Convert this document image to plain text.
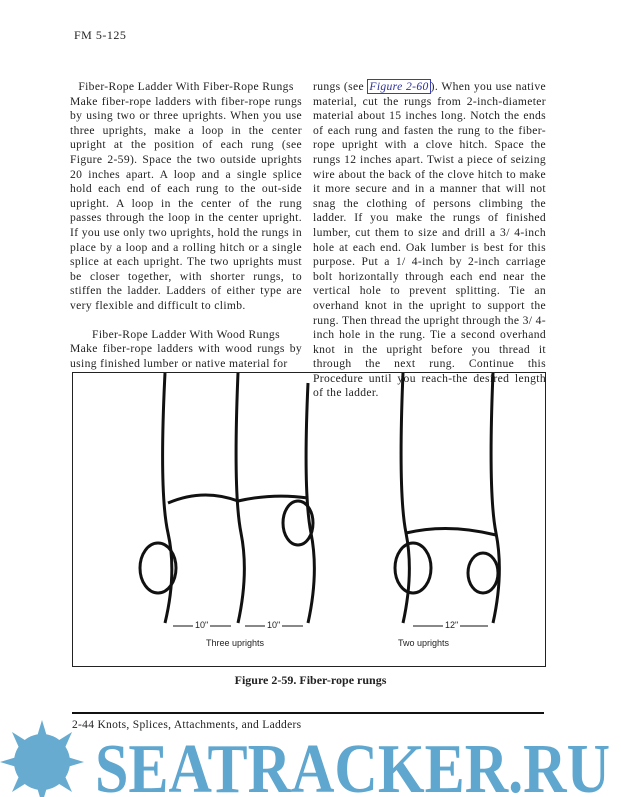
FM 5-125

Fiber-Rope Ladder With Fiber-Rope Rungs

Make fiber-rope ladders with fiber-rope rungs by using two or three uprights. When you use three uprights, make a loop in the center upright at the position of each rung (see Figure 2-59). Space the two outside uprights 20 inches apart. A loop and a single splice hold each end of each rung to the out-side upright. A loop in the center of the rung passes through the loop in the center upright. If you use only two uprights, hold the rungs in place by a loop and a rolling hitch or a single splice at each upright. The two uprights must be closer together, with shorter rungs, to stiffen the ladder. Ladders of either type are very flexible and difficult to climb.

Fiber-Rope Ladder With Wood Rungs

Make fiber-rope ladders with wood rungs by using finished lumber or native material for

rungs (see Figure 2-60 ). When you use native material, cut the rungs from 2-inch-diameter material about 15 inches long. Notch the ends of each rung and fasten the rung to the fiber-rope upright with a clove hitch. Space the rungs 12 inches apart. Twist a piece of seizing wire about the back of the clove hitch to make it more secure and in a manner that will not snag the clothing of persons climbing the ladder. If you make the rungs of finished lumber, cut them to size and drill a 3/ 4-inch hole at each end. Oak lumber is best for this purpose. Put a 1/ 4-inch by 2-inch carriage bolt horizontally through each end near the vertical hole to prevent splitting. Tie an overhand knot in the upright to support the rung. Then thread the upright through the 3/ 4-inch hole in the rung. Tie a second overhand knot in the upright before you thread it through the next rung. Continue this Procedure until you reach-the desired length of the ladder.

10"	10"	12"
Three uprights	Two uprights
Figure 2-59. Fiber-rope rungs
SEATRACKER.RU
2-44 Knots, Splices, Attachments, and Ladders
